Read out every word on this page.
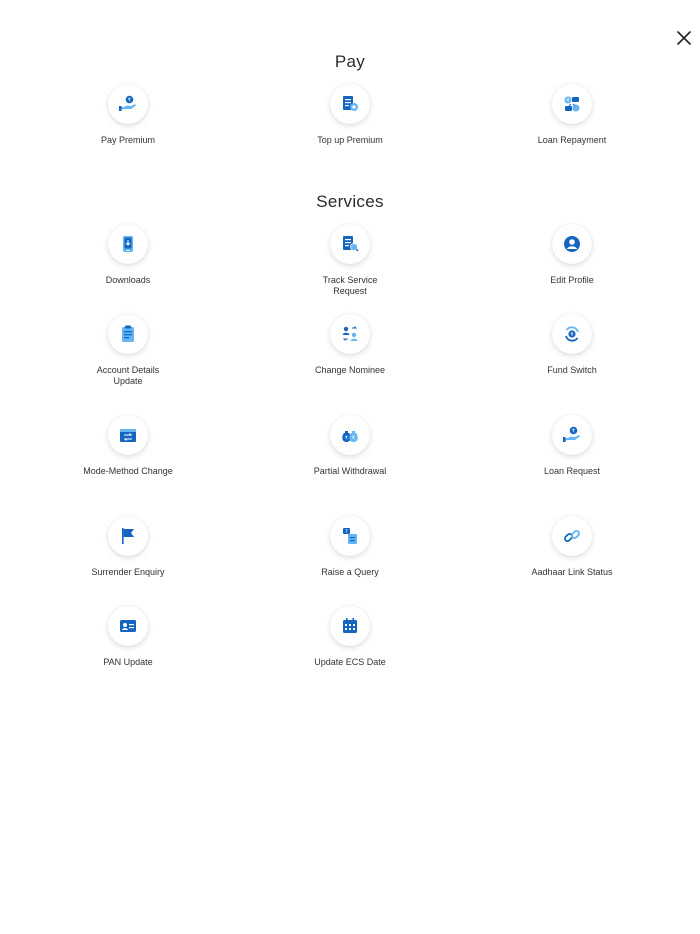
Pay
₹
Pay Premium	Top up Premium
₹
Loan Repayment
Services
Downloads	Track Service Request
Edit Profile
Account Details Update
Change Nominee
₹
Fund Switch
Mode-Method Change
₹ ₹
Partial Withdrawal
₹
Loan Request
Surrender Enquiry
?
Raise a Query	Aadhaar Link Status
PAN Update	Update ECS Date
